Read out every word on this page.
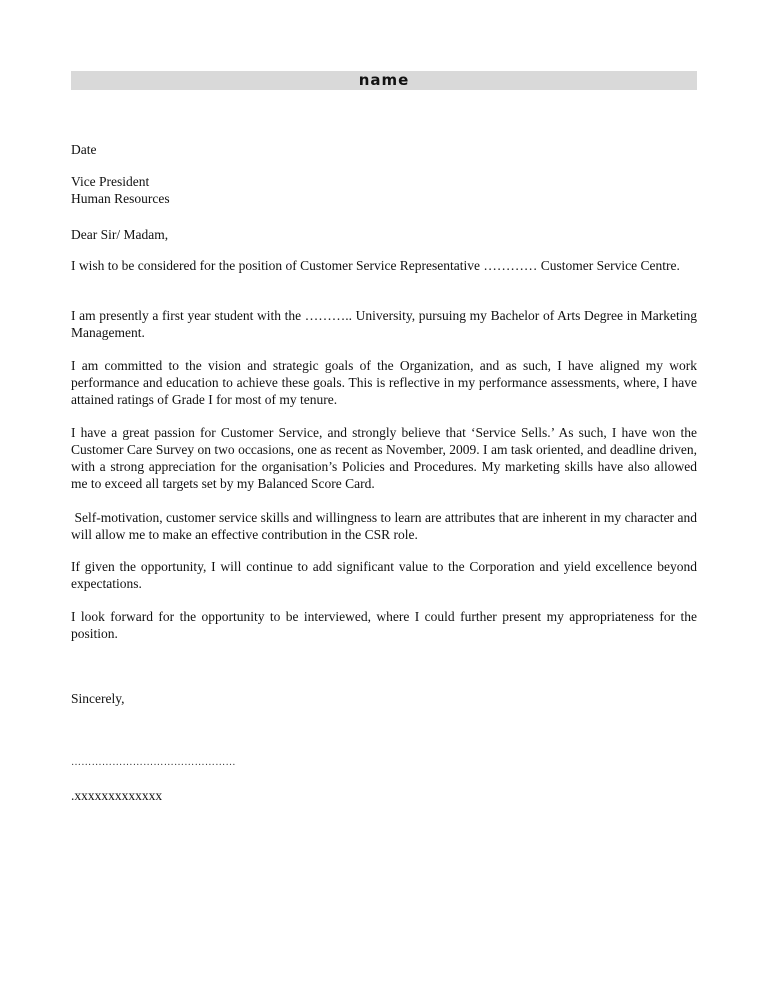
name
Date
Vice President
Human Resources
Dear Sir/ Madam,
I wish to be considered for the position of Customer Service Representative ………… Customer Service Centre.
I am presently a first year student with the ……….. University, pursuing my Bachelor of Arts Degree in Marketing Management.
I am committed to the vision and strategic goals of the Organization, and as such, I have aligned my work performance and education to achieve these goals. This is reflective in my performance assessments, where, I have attained ratings of Grade I for most of my tenure.
I have a great passion for Customer Service, and strongly believe that ‘Service Sells.’ As such, I have won the Customer Care Survey on two occasions, one as recent as November, 2009. I am task oriented, and deadline driven, with a strong appreciation for the organisation’s Policies and Procedures. My marketing skills have also allowed me to exceed all targets set by my Balanced Score Card.
Self-motivation, customer service skills and willingness to learn are attributes that are inherent in my character and will allow me to make an effective contribution in the CSR role.
If given the opportunity, I will continue to add significant value to the Corporation and yield excellence beyond expectations.
I look forward for the opportunity to be interviewed, where I could further present my appropriateness for the position.
Sincerely,
…………………………………………
.xxxxxxxxxxxxx
